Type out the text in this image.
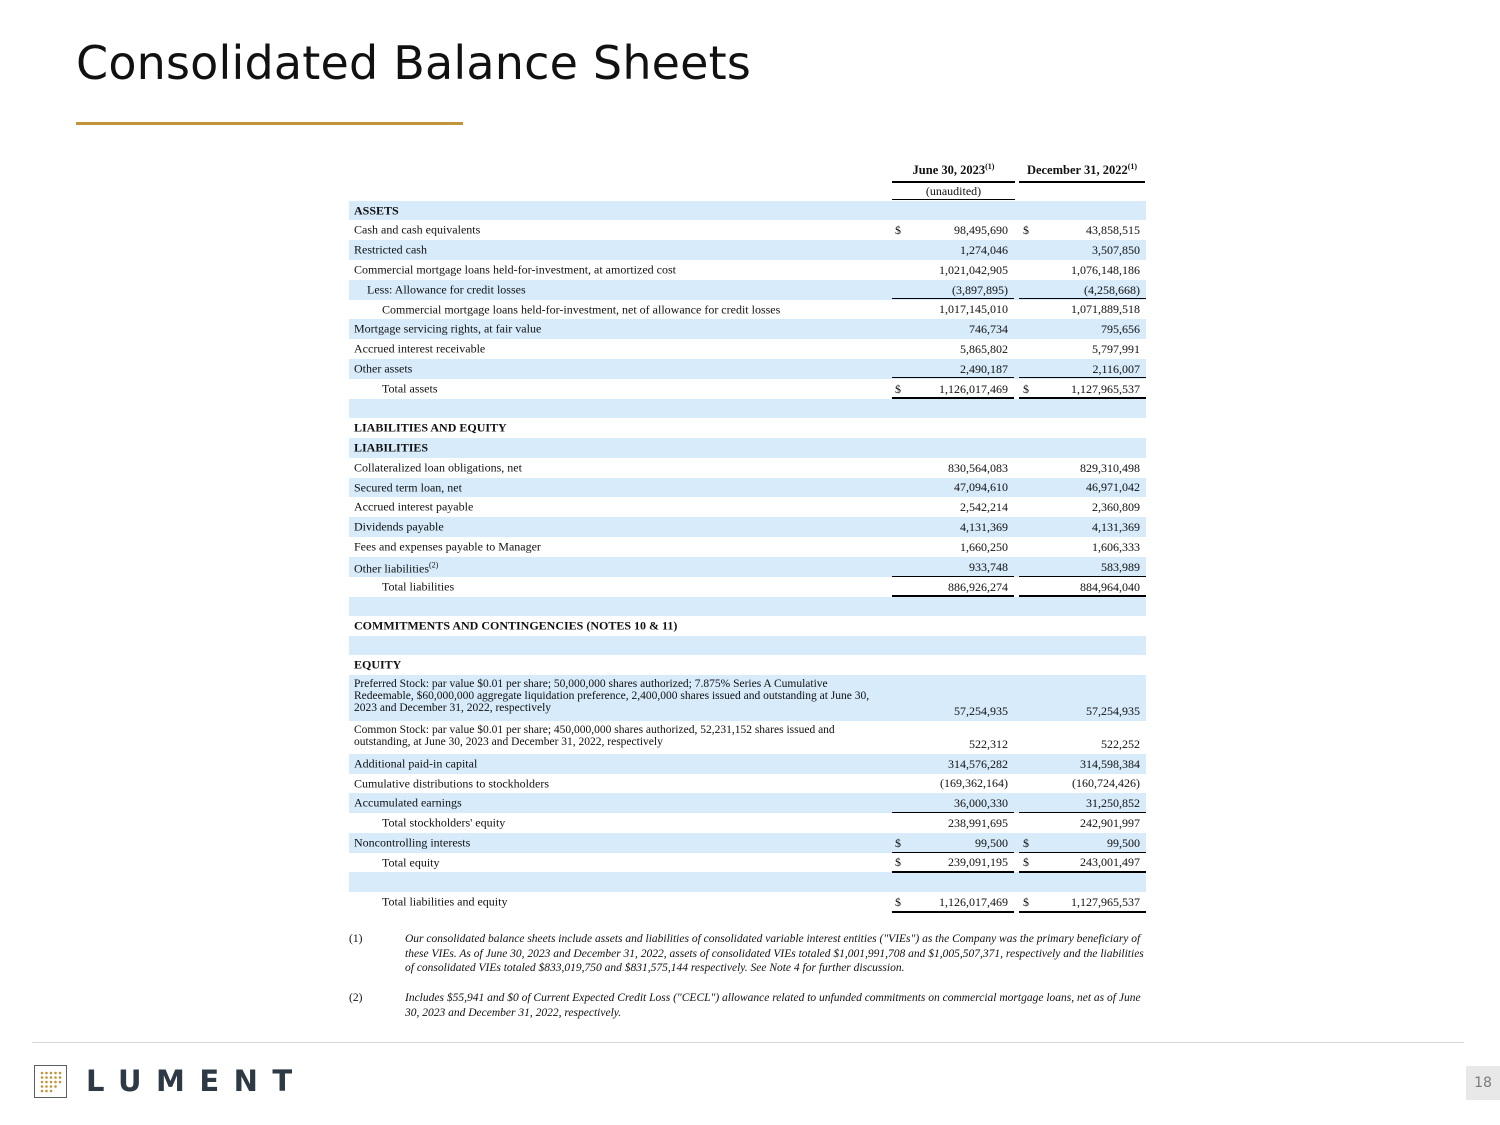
Consolidated Balance Sheets
June 30, 2023$^{(1)}$	December 31, 2022$^{(1)}$
(unaudited)
ASSETS
Cash and cash equivalents	$	98,495,690 $	43,858,515
Restricted cash	1,274,046	3,507,850
Commercial mortgage loans held-for-investment, at amortized cost	1,021,042,905	1,076,148,186
Less: Allowance for credit losses	(3,897,895)	(4,258,668)
Commercial mortgage loans held-for-investment, net of allowance for credit losses	1,017,145,010	1,071,889,518
Mortgage servicing rights, at fair value	746,734	795,656
Accrued interest receivable	5,865,802	5,797,991
Other assets	2,490,187	2,116,007
Total assets	$	1,126,017,469 $	1,127,965,537
LIABILITIES AND EQUITY
LIABILITIES
Collateralized loan obligations, net	830,564,083	829,310,498
Secured term loan, net	47,094,610	46,971,042
Accrued interest payable	2,542,214	2,360,809
Dividends payable	4,131,369	4,131,369
Fees and expenses payable to Manager	1,660,250	1,606,333
Other liabilities$^{(2)}$	933,748	583,989
Total liabilities	886,926,274	884,964,040
COMMITMENTS AND CONTINGENCIES (NOTES 10 & 11)
EQUITY
Preferred Stock: par value $0.01 per share; 50,000,000 shares authorized; 7.875% Series A Cumulative Redeemable, $60,000,000 aggregate liquidation preference, 2,400,000 shares issued and outstanding at June 30, 2023 and December 31, 2022, respectively	57,254,935	57,254,935
Common Stock: par value $0.01 per share; 450,000,000 shares authorized, 52,231,152 shares issued and outstanding, at June 30, 2023 and December 31, 2022, respectively	522,312	522,252
Additional paid-in capital	314,576,282	314,598,384
Cumulative distributions to stockholders	(169,362,164)	(160,724,426)
Accumulated earnings	36,000,330	31,250,852
Total stockholders' equity	238,991,695	242,901,997
Noncontrolling interests	$	99,500 $	99,500
Total equity	$	239,091,195 $	243,001,497
Total liabilities and equity	$	1,126,017,469 $	1,127,965,537
(1)	Our consolidated balance sheets include assets and liabilities of consolidated variable interest entities ("VIEs") as the Company was the primary beneficiary of these VIEs. As of June 30, 2023 and December 31, 2022, assets of consolidated VIEs totaled $1,001,991,708 and $1,005,507,371, respectively and the liabilities of consolidated VIEs totaled $833,019,750 and $831,575,144 respectively. See Note 4 for further discussion.
(2)	Includes $55,941 and $0 of Current Expected Credit Loss ("CECL") allowance related to unfunded commitments on commercial mortgage loans, net as of June 30, 2023 and December 31, 2022, respectively.
LUMENT	18
